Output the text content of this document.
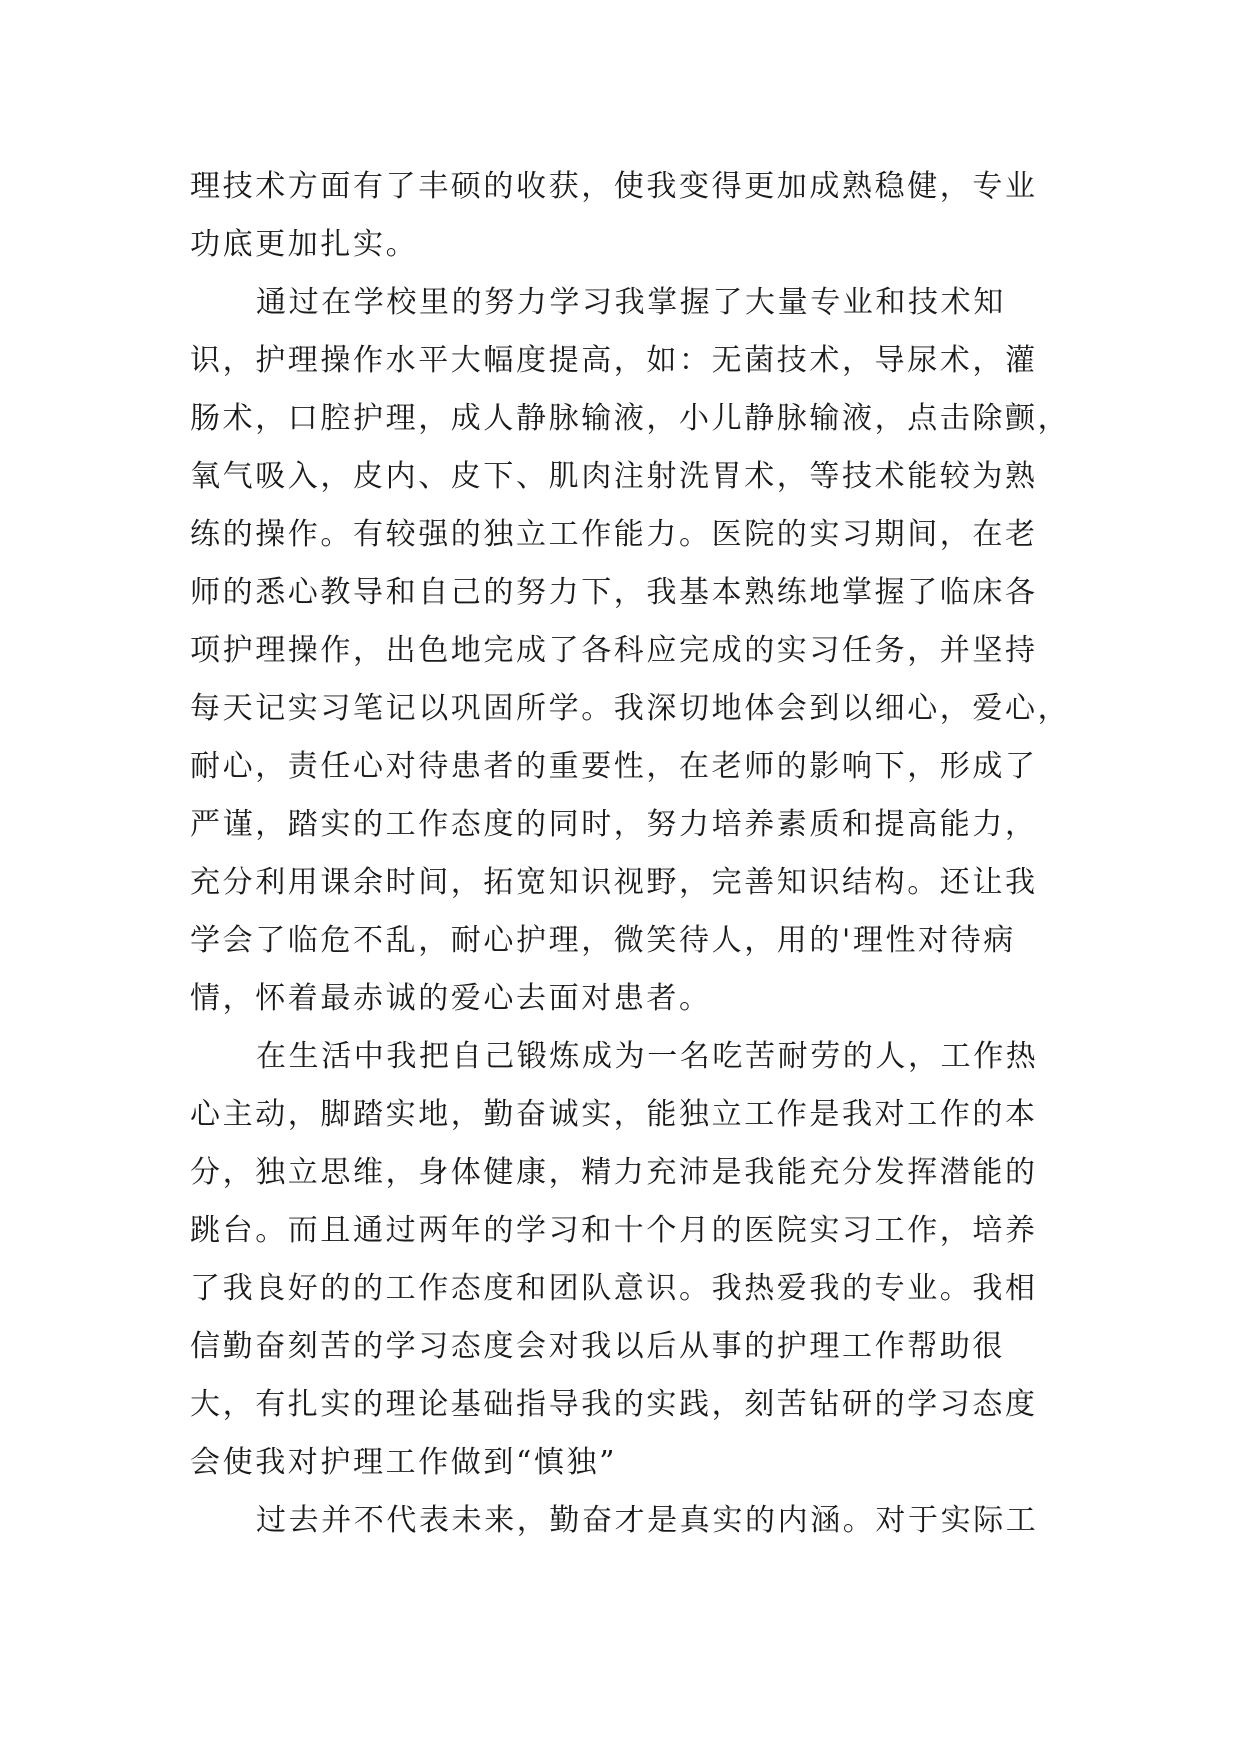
理技术方面有了丰硕的收获，使我变得更加成熟稳健，专业
功底更加扎实。
通过在学校里的努力学习我掌握了大量专业和技术知
识，护理操作水平大幅度提高，如：无菌技术，导尿术，灌
肠术，口腔护理，成人静脉输液，小儿静脉输液，点击除颤，
氧气吸入，皮内、皮下、肌肉注射洗胃术，等技术能较为熟
练的操作。有较强的独立工作能力。医院的实习期间，在老
师的悉心教导和自己的努力下，我基本熟练地掌握了临床各
项护理操作，出色地完成了各科应完成的实习任务，并坚持
每天记实习笔记以巩固所学。我深切地体会到以细心，爱心，
耐心，责任心对待患者的重要性，在老师的影响下，形成了
严谨，踏实的工作态度的同时，努力培养素质和提高能力，
充分利用课余时间，拓宽知识视野，完善知识结构。还让我
学会了临危不乱，耐心护理，微笑待人，用的'理性对待病
情，怀着最赤诚的爱心去面对患者。
在生活中我把自己锻炼成为一名吃苦耐劳的人，工作热
心主动，脚踏实地，勤奋诚实，能独立工作是我对工作的本
分，独立思维，身体健康，精力充沛是我能充分发挥潜能的
跳台。而且通过两年的学习和十个月的医院实习工作，培养
了我良好的的工作态度和团队意识。我热爱我的专业。我相
信勤奋刻苦的学习态度会对我以后从事的护理工作帮助很
大，有扎实的理论基础指导我的实践，刻苦钻研的学习态度
会使我对护理工作做到“慎独”
过去并不代表未来，勤奋才是真实的内涵。对于实际工
